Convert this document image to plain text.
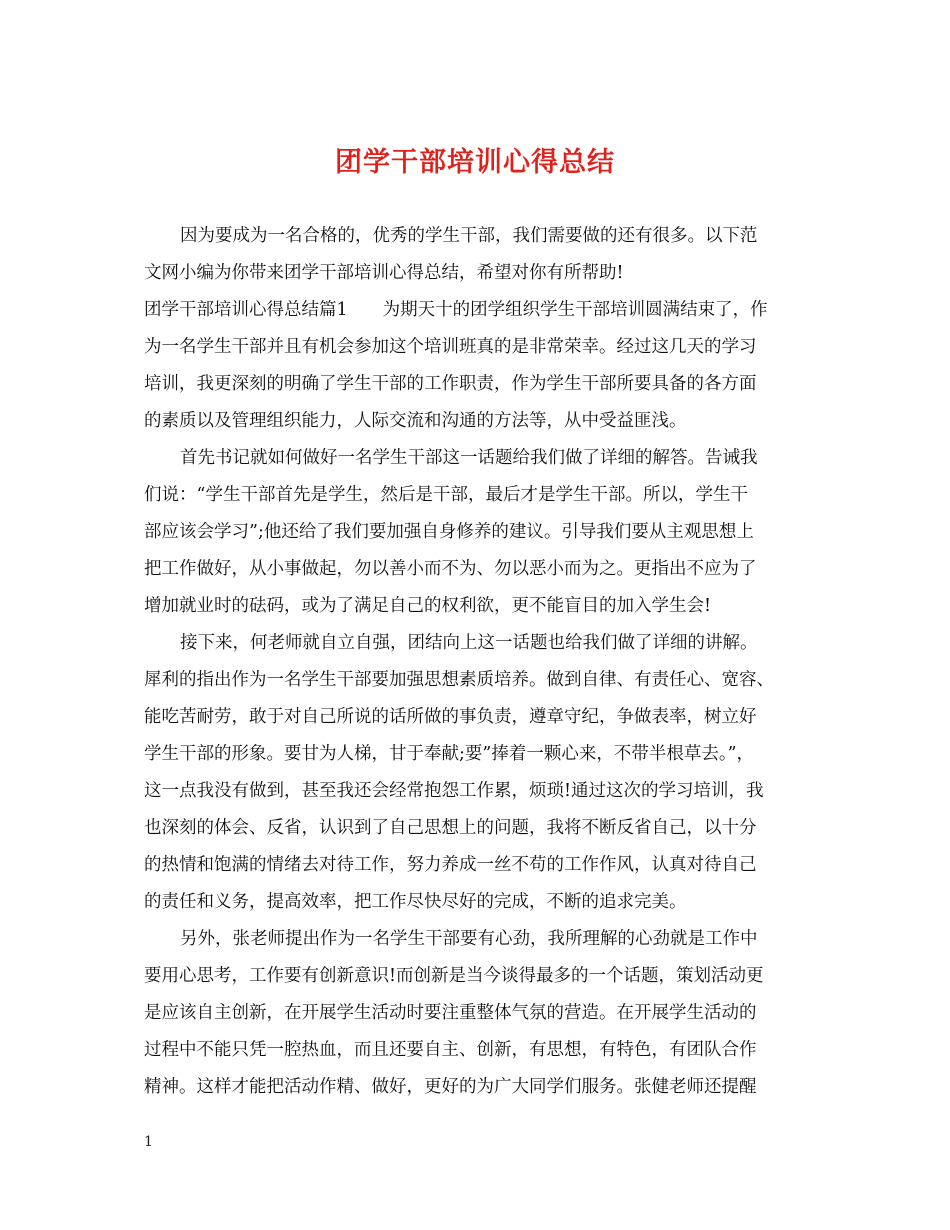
团学干部培训心得总结
因为要成为一名合格的，优秀的学生干部，我们需要做的还有很多。以下范
文网小编为你带来团学干部培训心得总结，希望对你有所帮助!
团学干部培训心得总结篇1　　为期天十的团学组织学生干部培训圆满结束了，作
为一名学生干部并且有机会参加这个培训班真的是非常荣幸。经过这几天的学习
培训，我更深刻的明确了学生干部的工作职责，作为学生干部所要具备的各方面
的素质以及管理组织能力，人际交流和沟通的方法等，从中受益匪浅。
首先书记就如何做好一名学生干部这一话题给我们做了详细的解答。告诫我
们说：“学生干部首先是学生，然后是干部，最后才是学生干部。所以，学生干
部应该会学习”;他还给了我们要加强自身修养的建议。引导我们要从主观思想上
把工作做好，从小事做起，勿以善小而不为、勿以恶小而为之。更指出不应为了
增加就业时的砝码，或为了满足自己的权利欲，更不能盲目的加入学生会!
接下来，何老师就自立自强，团结向上这一话题也给我们做了详细的讲解。
犀利的指出作为一名学生干部要加强思想素质培养。做到自律、有责任心、宽容、
能吃苦耐劳，敢于对自己所说的话所做的事负责，遵章守纪，争做表率，树立好
学生干部的形象。要甘为人梯，甘于奉献;要”捧着一颗心来，不带半根草去。”，
这一点我没有做到，甚至我还会经常抱怨工作累，烦琐!通过这次的学习培训，我
也深刻的体会、反省，认识到了自己思想上的问题，我将不断反省自己，以十分
的热情和饱满的情绪去对待工作，努力养成一丝不苟的工作作风，认真对待自己
的责任和义务，提高效率，把工作尽快尽好的完成，不断的追求完美。
另外，张老师提出作为一名学生干部要有心劲，我所理解的心劲就是工作中
要用心思考，工作要有创新意识!而创新是当今谈得最多的一个话题，策划活动更
是应该自主创新，在开展学生活动时要注重整体气氛的营造。在开展学生活动的
过程中不能只凭一腔热血，而且还要自主、创新，有思想，有特色，有团队合作
精神。这样才能把活动作精、做好，更好的为广大同学们服务。张健老师还提醒
1
